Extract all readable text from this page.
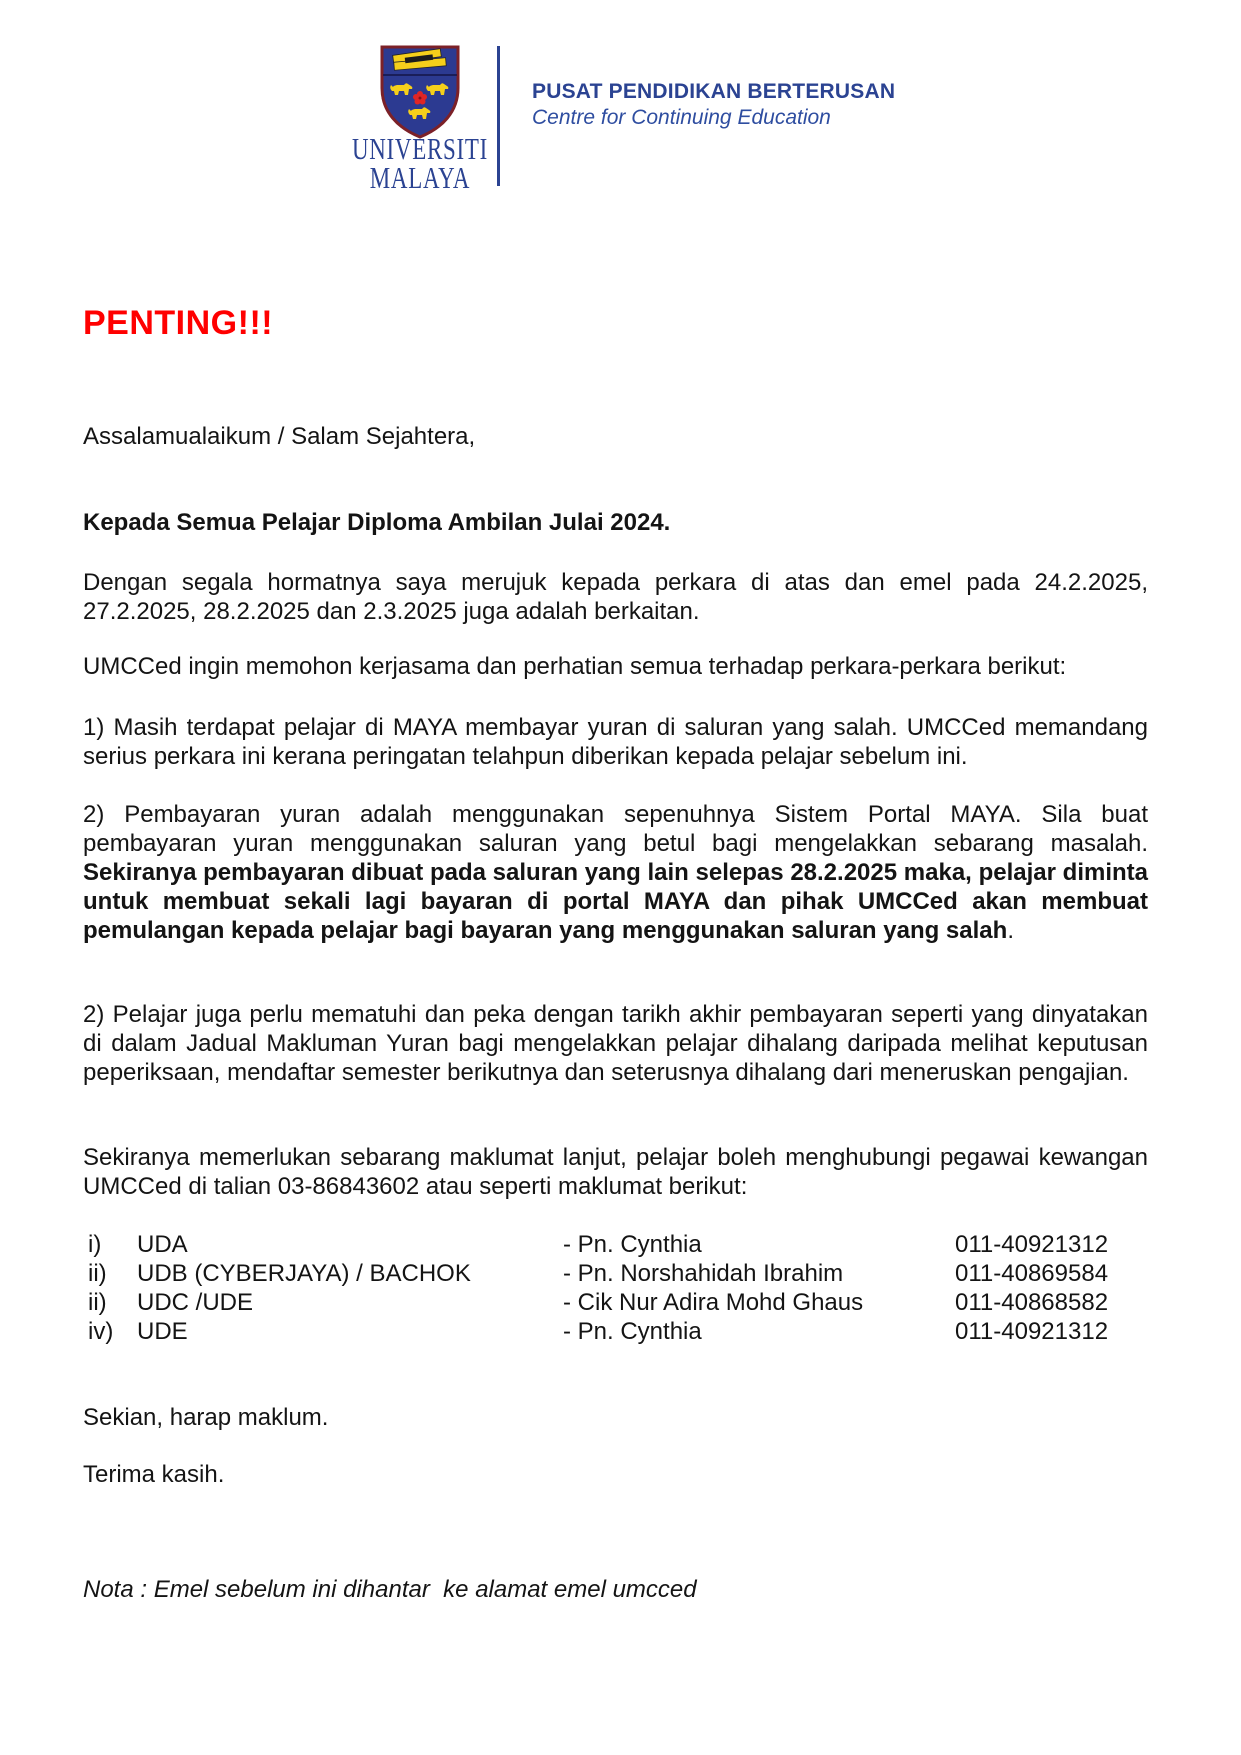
UNIVERSITI
MALAYA
PUSAT PENDIDIKAN BERTERUSAN
Centre for Continuing Education
PENTING!!!
Assalamualaikum / Salam Sejahtera,
Kepada Semua Pelajar Diploma Ambilan Julai 2024.
Dengan segala hormatnya saya merujuk kepada perkara di atas dan emel pada 24.2.2025, 27.2.2025, 28.2.2025 dan 2.3.2025 juga adalah berkaitan.
UMCCed ingin memohon kerjasama dan perhatian semua terhadap perkara-perkara berikut:
1) Masih terdapat pelajar di MAYA membayar yuran di saluran yang salah. UMCCed memandang serius perkara ini kerana peringatan telahpun diberikan kepada pelajar sebelum ini.
2) Pembayaran yuran adalah menggunakan sepenuhnya Sistem Portal MAYA. Sila buat pembayaran yuran menggunakan saluran yang betul bagi mengelakkan sebarang masalah. Sekiranya pembayaran dibuat pada saluran yang lain selepas 28.2.2025 maka, pelajar diminta untuk membuat sekali lagi bayaran di portal MAYA dan pihak UMCCed akan membuat pemulangan kepada pelajar bagi bayaran yang menggunakan saluran yang salah.
2) Pelajar juga perlu mematuhi dan peka dengan tarikh akhir pembayaran seperti yang dinyatakan di dalam Jadual Makluman Yuran bagi mengelakkan pelajar dihalang daripada melihat keputusan peperiksaan, mendaftar semester berikutnya dan seterusnya dihalang dari meneruskan pengajian.
Sekiranya memerlukan sebarang maklumat lanjut, pelajar boleh menghubungi pegawai kewangan UMCCed di talian 03-86843602 atau seperti maklumat berikut:
i)	UDA	- Pn. Cynthia	011-40921312
ii)	UDB (CYBERJAYA) / BACHOK	- Pn. Norshahidah Ibrahim	011-40869584
ii)	UDC /UDE	- Cik Nur Adira Mohd Ghaus	011-40868582
iv) UDE	- Pn. Cynthia	011-40921312
Sekian, harap maklum.
Terima kasih.
Nota : Emel sebelum ini dihantar  ke alamat emel umcced
